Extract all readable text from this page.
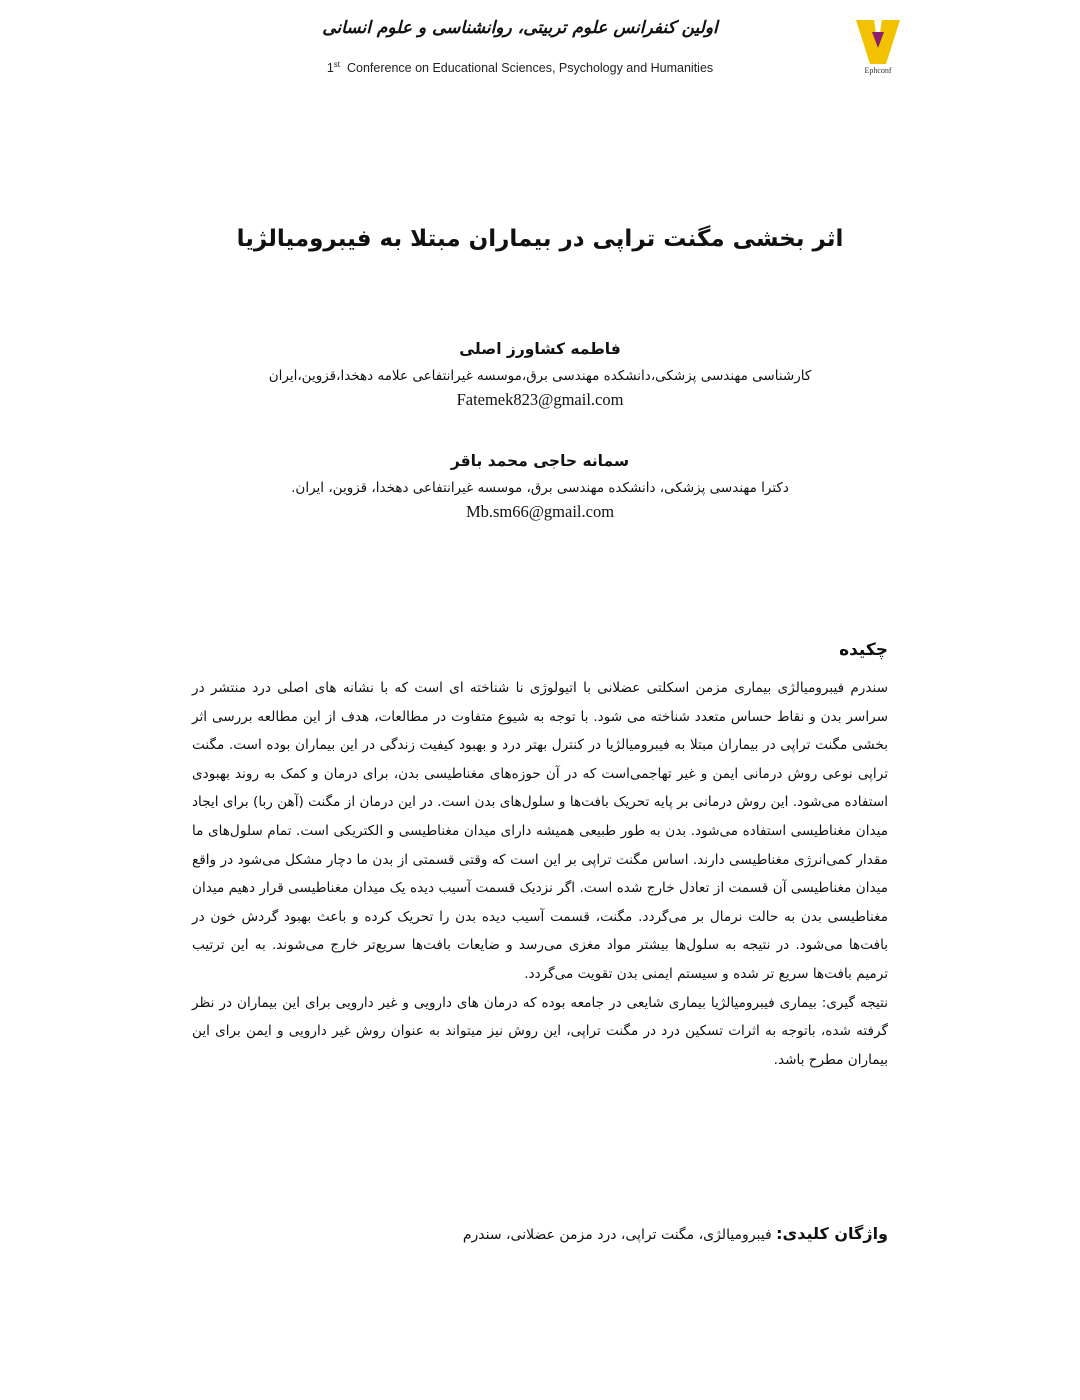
اولین کنفرانس علوم تربیتی، روانشناسی و علوم انسانی
1st Conference on Educational Sciences, Psychology and Humanities	Ephconf
اثر بخشی مگنت تراپی در بیماران مبتلا به فیبرومیالژیا
فاطمه کشاورز اصلی
کارشناسی مهندسی پزشکی،دانشکده مهندسی برق،موسسه غیرانتفاعی علامه دهخدا،قزوین،ایران
Fatemek823@gmail.com
سمانه حاجی محمد باقر
دکترا مهندسی پزشکی، دانشکده مهندسی برق، موسسه غیرانتفاعی دهخدا، قزوین، ایران.
Mb.sm66@gmail.com
چکیده

سندرم فیبرومیالژی بیماری مزمن اسکلتی عضلانی با اتیولوژی نا شناخته ای است که با نشانه های اصلی درد منتشر در سراسر بدن و نقاط حساس متعدد شناخته می شود. با توجه به شیوع متفاوت در مطالعات، هدف از این مطالعه بررسی اثر بخشی مگنت تراپی در بیماران مبتلا به فیبرومیالژیا در کنترل بهتر درد و بهبود کیفیت زندگی در این بیماران بوده است. مگنت تراپی نوعی روش درمانی ایمن و غیر تهاجمی‌است که در آن حوزه‌های مغناطیسی بدن، برای درمان و کمک به روند بهبودی استفاده می‌شود. این روش درمانی بر پایه تحریک بافت‌ها و سلول‌های بدن است. در این درمان از مگنت (آهن ربا) برای ایجاد میدان مغناطیسی استفاده می‌شود. بدن به طور طبیعی همیشه دارای میدان مغناطیسی و الکتریکی است. تمام سلول‌های ما مقدار کمی‌انرژی مغناطیسی دارند. اساس مگنت تراپی بر این است که وقتی قسمتی از بدن ما دچار مشکل می‌شود در واقع میدان مغناطیسی آن قسمت از تعادل خارج شده است. اگر نزدیک قسمت آسیب دیده یک میدان مغناطیسی قرار دهیم میدان مغناطیسی بدن به حالت نرمال بر می‌گردد. مگنت، قسمت آسیب دیده بدن را تحریک کرده و باعث بهبود گردش خون در بافت‌ها می‌شود. در نتیجه به سلول‌ها بیشتر مواد مغزی می‌رسد و ضایعات بافت‌ها سریع‌تر خارج می‌شوند. به این ترتیب ترمیم بافت‌ها سریع تر شده و سیستم ایمنی بدن تقویت می‌گردد.

نتیجه گیری: بیماری فیبرومیالژیا بیماری شایعی در جامعه بوده که درمان های دارویی و غیر دارویی برای این بیماران در نظر گرفته شده، باتوجه به اثرات تسکین درد در مگنت تراپی، این روش نیز میتواند به عنوان روش غیر دارویی و ایمن برای این بیماران مطرح باشد.

واژگان کلیدی: فیبرومیالژی، مگنت تراپی، درد مزمن عضلانی، سندرم
